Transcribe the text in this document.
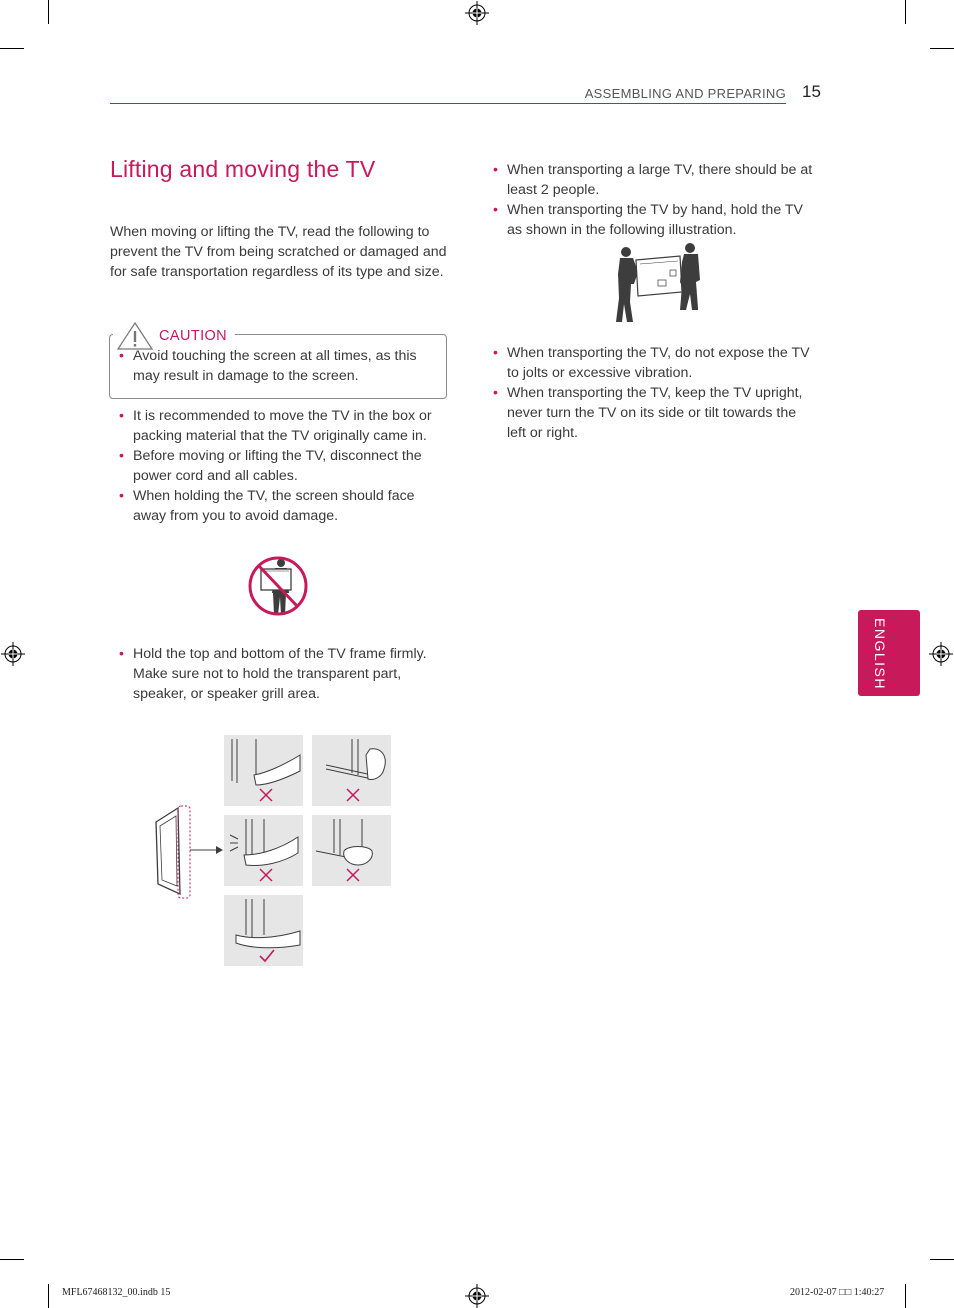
ASSEMBLING AND PREPARING 15
Lifting and moving the TV

When moving or lifting the TV, read the following to prevent the TV from being scratched or damaged and for safe transportation regardless of its type and size.

CAUTION
• Avoid touching the screen at all times, as this may result in damage to the screen.
• It is recommended to move the TV in the box or packing material that the TV originally came in.
• Before moving or lifting the TV, disconnect the power cord and all cables.
• When holding the TV, the screen should face away from you to avoid damage.
• Hold the top and bottom of the TV frame firmly. Make sure not to hold the transparent part, speaker, or speaker grill area.
• When transporting a large TV, there should be at least 2 people.
• When transporting the TV by hand, hold the TV as shown in the following illustration.
• When transporting the TV, do not expose the TV to jolts or excessive vibration.
• When transporting the TV, keep the TV upright, never turn the TV on its side or tilt towards the left or right.
ENGLISH
MFL67468132_00.indb 15	2012-02-07 □□ 1:40:27
